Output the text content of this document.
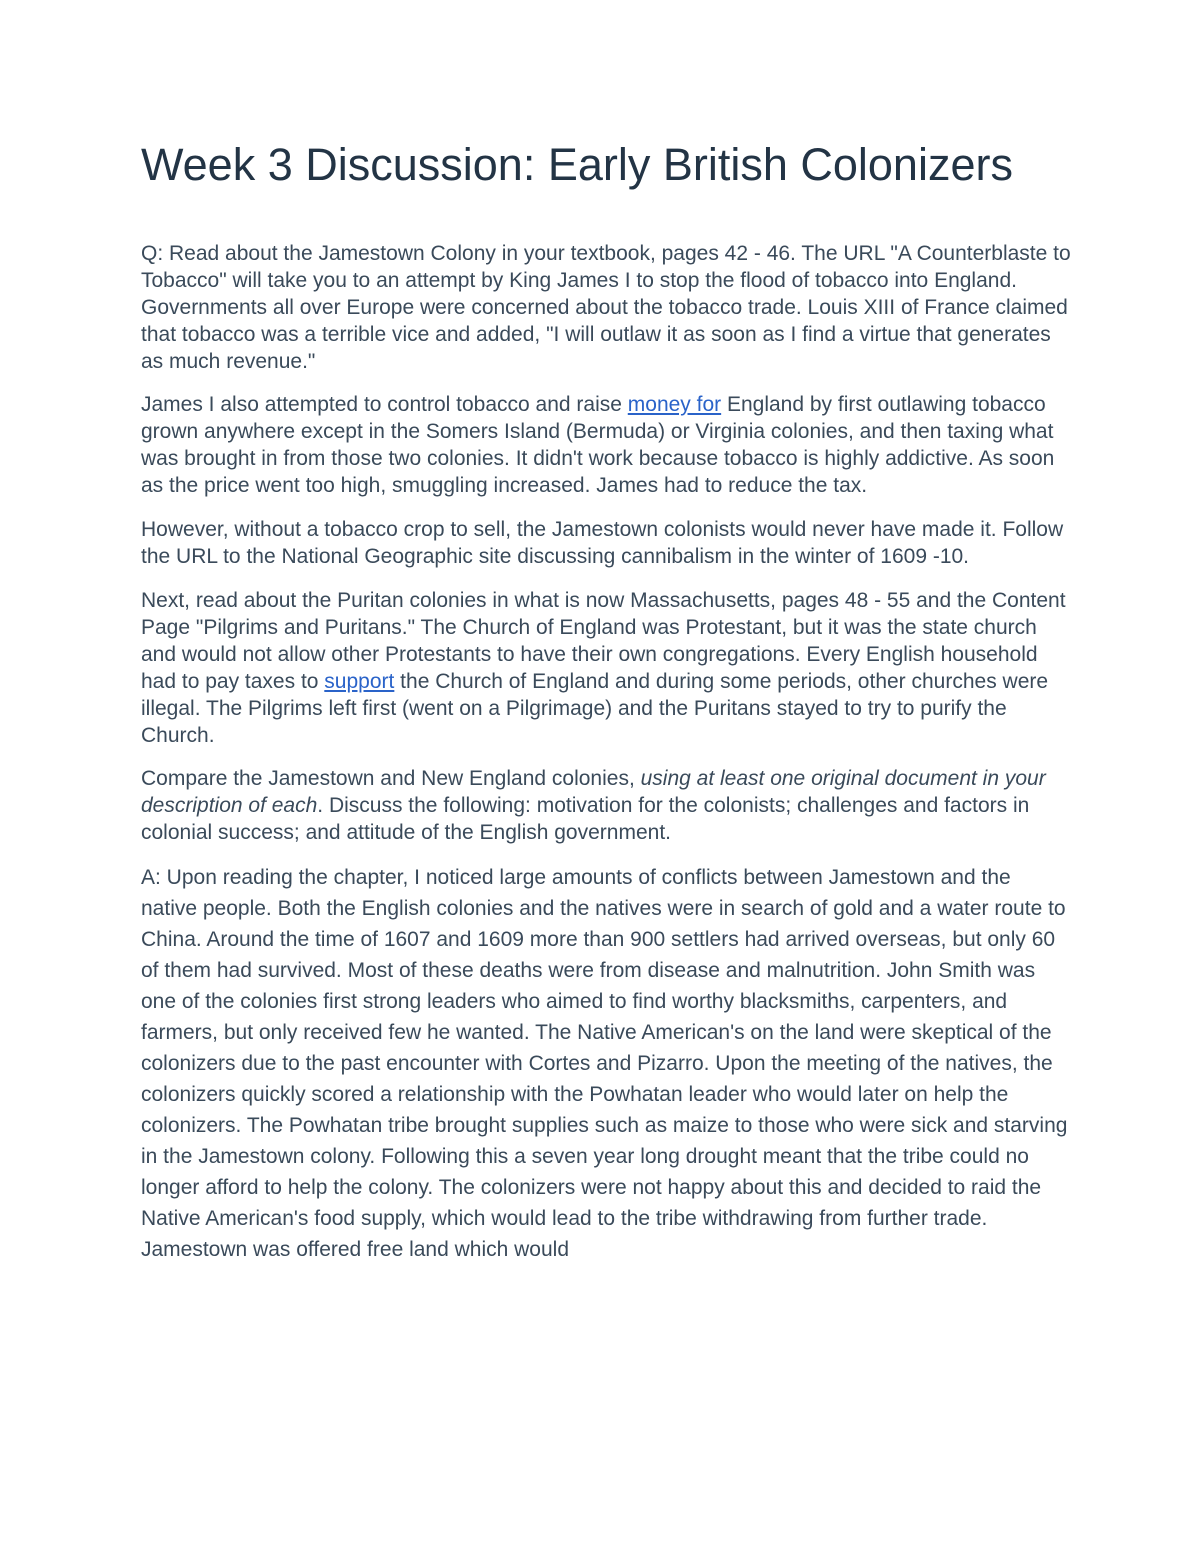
Week 3 Discussion: Early British Colonizers

Q: Read about the Jamestown Colony in your textbook, pages 42 - 46. The URL "A Counterblaste to Tobacco" will take you to an attempt by King James I to stop the flood of tobacco into England. Governments all over Europe were concerned about the tobacco trade. Louis XIII of France claimed that tobacco was a terrible vice and added, "I will outlaw it as soon as I find a virtue that generates as much revenue."

James I also attempted to control tobacco and raise money for England by first outlawing tobacco grown anywhere except in the Somers Island (Bermuda) or Virginia colonies, and then taxing what was brought in from those two colonies. It didn't work because tobacco is highly addictive. As soon as the price went too high, smuggling increased. James had to reduce the tax.

However, without a tobacco crop to sell, the Jamestown colonists would never have made it. Follow the URL to the National Geographic site discussing cannibalism in the winter of 1609 -10.

Next, read about the Puritan colonies in what is now Massachusetts, pages 48 - 55 and the Content Page "Pilgrims and Puritans." The Church of England was Protestant, but it was the state church and would not allow other Protestants to have their own congregations. Every English household had to pay taxes to support the Church of England and during some periods, other churches were illegal. The Pilgrims left first (went on a Pilgrimage) and the Puritans stayed to try to purify the Church.

Compare the Jamestown and New England colonies, using at least one original document in your description of each. Discuss the following: motivation for the colonists; challenges and factors in colonial success; and attitude of the English government.

A: Upon reading the chapter, I noticed large amounts of conflicts between Jamestown and the native people. Both the English colonies and the natives were in search of gold and a water route to China. Around the time of 1607 and 1609 more than 900 settlers had arrived overseas, but only 60 of them had survived. Most of these deaths were from disease and malnutrition. John Smith was one of the colonies first strong leaders who aimed to find worthy blacksmiths, carpenters, and farmers, but only received few he wanted. The Native American's on the land were skeptical of the colonizers due to the past encounter with Cortes and Pizarro. Upon the meeting of the natives, the colonizers quickly scored a relationship with the Powhatan leader who would later on help the colonizers. The Powhatan tribe brought supplies such as maize to those who were sick and starving in the Jamestown colony. Following this a seven year long drought meant that the tribe could no longer afford to help the colony. The colonizers were not happy about this and decided to raid the Native American's food supply, which would lead to the tribe withdrawing from further trade. Jamestown was offered free land which would
